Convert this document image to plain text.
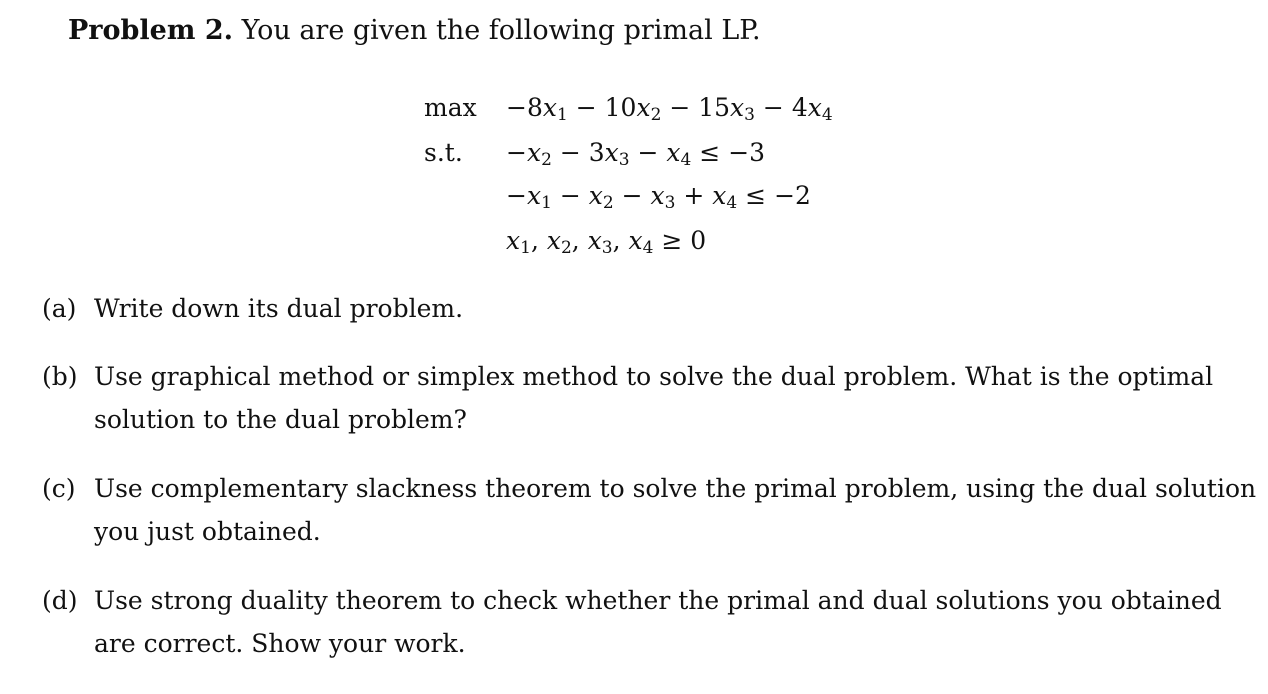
Problem 2. You are given the following primal LP.
$\max -8x_1 - 10x_2 - 15x_3 - 4x_4$
s.t. $-x_2 - 3x_3 - x_4 \le -3$
$-x_1 - x_2 - x_3 + x_4 \le -2$
$x_1$, $x_2$, $x_3$, $x_4 \ge 0$
(a) Write down its dual problem.
(b) Use graphical method or simplex method to solve the dual problem. What is the optimal
solution to the dual problem?
(c) Use complementary slackness theorem to solve the primal problem, using the dual solution
you just obtained.
(d) Use strong duality theorem to check whether the primal and dual solutions you obtained
are correct. Show your work.
